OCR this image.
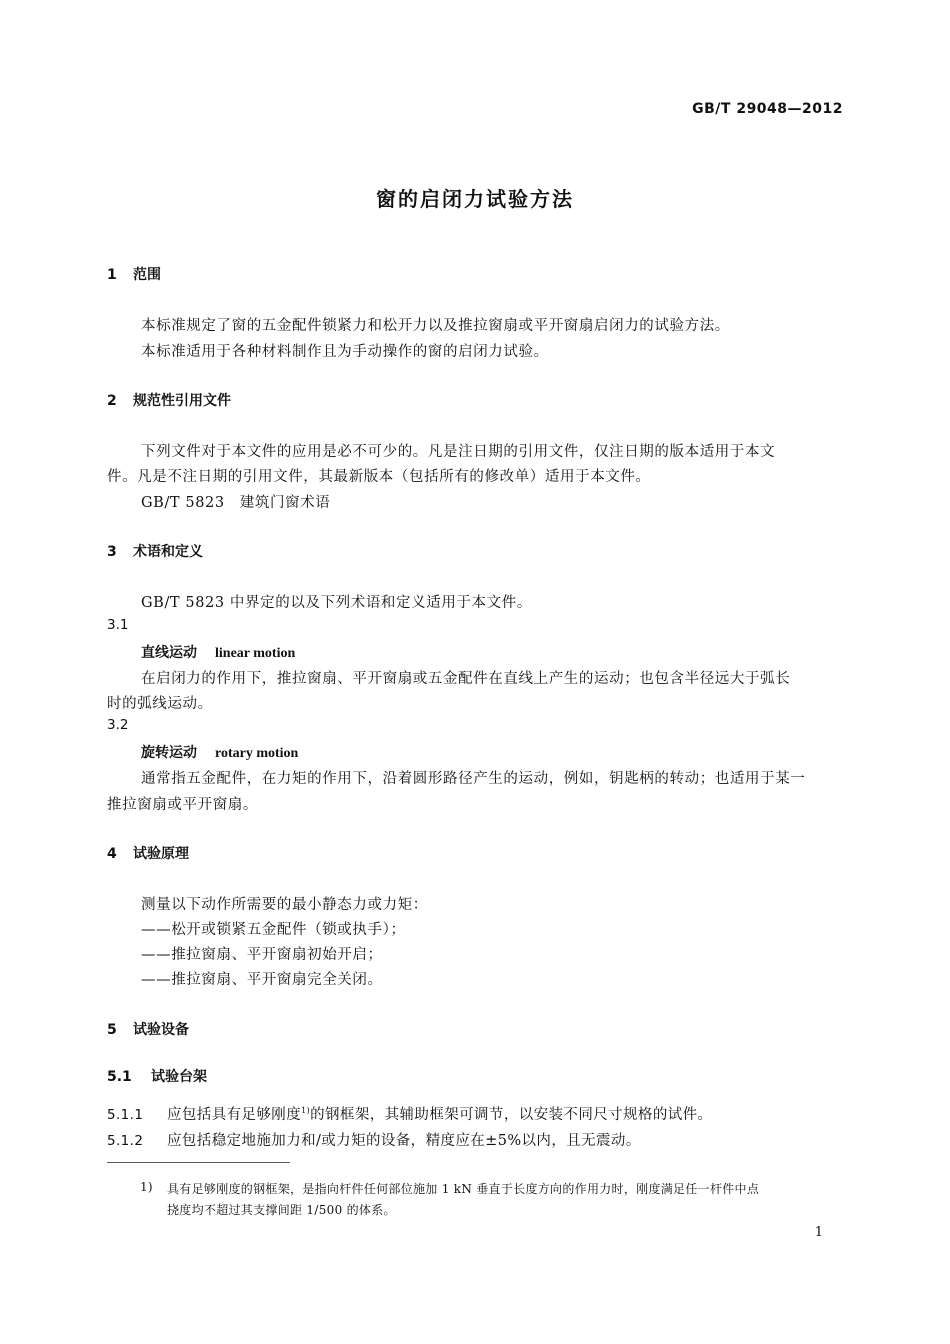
GB/T 29048—2012
窗的启闭力试验方法
1 范围
本标准规定了窗的五金配件锁紧力和松开力以及推拉窗扇或平开窗扇启闭力的试验方法。
本标准适用于各种材料制作且为手动操作的窗的启闭力试验。
2 规范性引用文件
下列文件对于本文件的应用是必不可少的。凡是注日期的引用文件，仅注日期的版本适用于本文
件。凡是不注日期的引用文件，其最新版本（包括所有的修改单）适用于本文件。
GB/T 5823　建筑门窗术语
3 术语和定义
GB/T 5823 中界定的以及下列术语和定义适用于本文件。
3.1
直线运动 linear motion
在启闭力的作用下，推拉窗扇、平开窗扇或五金配件在直线上产生的运动；也包含半径远大于弧长
时的弧线运动。
3.2
旋转运动 rotary motion
通常指五金配件，在力矩的作用下，沿着圆形路径产生的运动，例如，钥匙柄的转动；也适用于某一
推拉窗扇或平开窗扇。
4 试验原理
测量以下动作所需要的最小静态力或力矩：
——松开或锁紧五金配件（锁或执手）；
——推拉窗扇、平开窗扇初始开启；
——推拉窗扇、平开窗扇完全关闭。
5 试验设备
5.1 试验台架
5.1.1 应包括具有足够刚度$^{1)}$的钢框架，其辅助框架可调节，以安装不同尺寸规格的试件。
5.1.2 应包括稳定地施加力和/或力矩的设备，精度应在±5%以内，且无震动。
1) 具有足够刚度的钢框架，是指向杆件任何部位施加 1 kN 垂直于长度方向的作用力时，刚度满足任一杆件中点
挠度均不超过其支撑间距 1/500 的体系。
1
